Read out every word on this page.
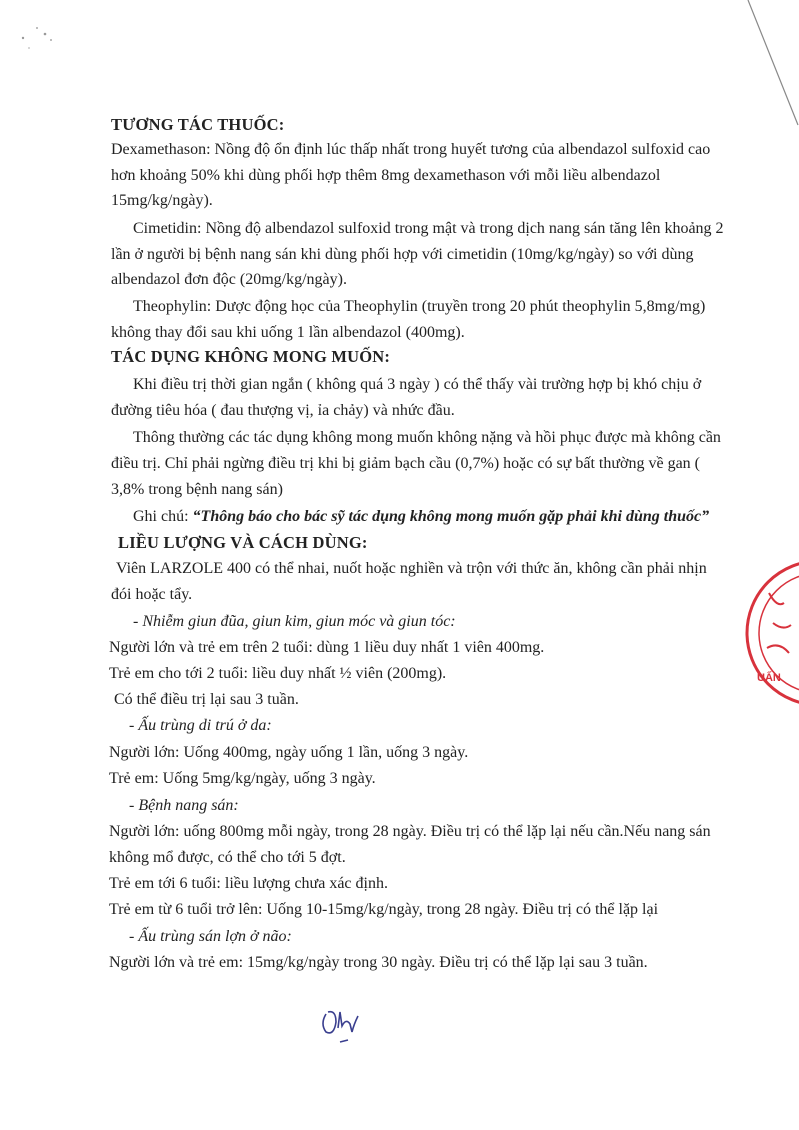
TƯƠNG TÁC THUỐC:
Dexamethason: Nồng độ ổn định lúc thấp nhất trong huyết tương của albendazol sulfoxid cao
hơn khoảng 50% khi dùng phối hợp thêm 8mg dexamethason với mỗi liều albendazol
15mg/kg/ngày).
Cimetidin: Nồng độ albendazol sulfoxid trong mật và trong dịch nang sán tăng lên khoảng 2
lần ở người bị bệnh nang sán khi dùng phối hợp với cimetidin (10mg/kg/ngày) so với dùng
albendazol đơn độc (20mg/kg/ngày).
Theophylin: Dược động học của Theophylin (truyền trong 20 phút theophylin 5,8mg/mg)
không thay đổi sau khi uống 1 lần albendazol (400mg).
TÁC DỤNG KHÔNG MONG MUỐN:
Khi điều trị thời gian ngắn ( không quá 3 ngày ) có thể thấy vài trường hợp bị khó chịu ở
đường tiêu hóa ( đau thượng vị, ỉa chảy) và nhức đầu.
Thông thường các tác dụng không mong muốn không nặng và hồi phục được mà không cần
điều trị. Chỉ phải ngừng điều trị khi bị giảm bạch cầu (0,7%) hoặc có sự bất thường về gan (
3,8% trong bệnh nang sán)
Ghi chú: “Thông báo cho bác sỹ tác dụng không mong muốn gặp phải khi dùng thuốc”
LIỀU LƯỢNG VÀ CÁCH DÙNG:
Viên LARZOLE 400 có thể nhai, nuốt hoặc nghiền và trộn với thức ăn, không cần phải nhịn
đói hoặc tẩy.
- Nhiễm giun đũa, giun kim, giun móc và giun tóc:
Người lớn và trẻ em trên 2 tuổi: dùng 1 liều duy nhất 1 viên 400mg.
Trẻ em cho tới 2 tuổi: liều duy nhất ½ viên (200mg).
Có thể điều trị lại sau 3 tuần.
- Ấu trùng di trú ở da:
Người lớn: Uống 400mg, ngày uống 1 lần, uống 3 ngày.
Trẻ em: Uống 5mg/kg/ngày, uống 3 ngày.
- Bệnh nang sán:
Người lớn: uống 800mg mỗi ngày, trong 28 ngày. Điều trị có thể lặp lại nếu cần.Nếu nang sán
không mổ được, có thể cho tới 5 đợt.
Trẻ em tới 6 tuổi: liều lượng chưa xác định.
Trẻ em từ 6 tuổi trở lên: Uống 10-15mg/kg/ngày, trong 28 ngày. Điều trị có thể lặp lại
- Ấu trùng sán lợn ở não:
Người lớn và trẻ em: 15mg/kg/ngày trong 30 ngày. Điều trị có thể lặp lại sau 3 tuần.
UẤN
